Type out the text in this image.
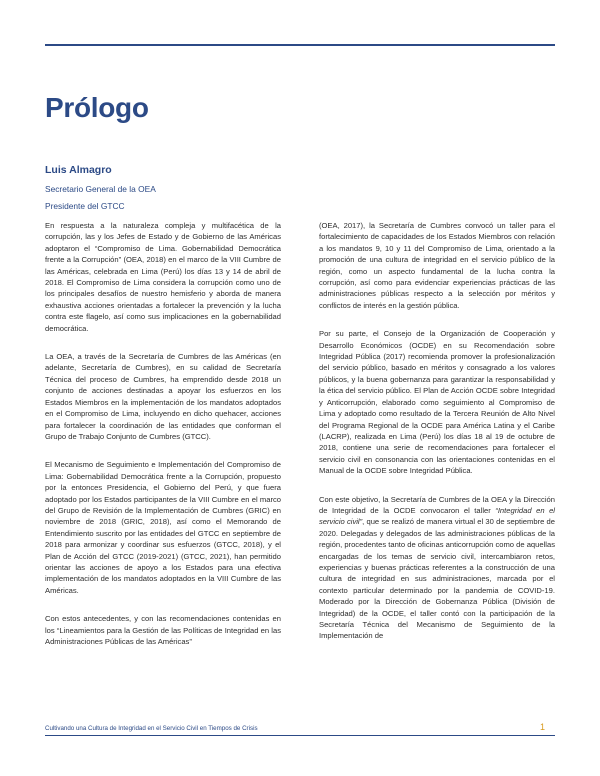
Prólogo

Luis Almagro

Secretario General de la OEA

Presidente del GTCC

En respuesta a la naturaleza compleja y multifacética de la corrupción, las y los Jefes de Estado y de Gobierno de las Américas adoptaron el “Compromiso de Lima. Gobernabilidad Democrática frente a la Corrupción” (OEA, 2018) en el marco de la VIII Cumbre de las Américas, celebrada en Lima (Perú) los días 13 y 14 de abril de 2018. El Compromiso de Lima considera la corrupción como uno de los principales desafíos de nuestro hemisferio y aborda de manera exhaustiva acciones orientadas a fortalecer la prevención y la lucha contra este flagelo, así como sus implicaciones en la gobernabilidad democrática.

La OEA, a través de la Secretaría de Cumbres de las Américas (en adelante, Secretaría de Cumbres), en su calidad de Secretaría Técnica del proceso de Cumbres, ha emprendido desde 2018 un conjunto de acciones destinadas a apoyar los esfuerzos en los Estados Miembros en la implementación de los mandatos adoptados en el Compromiso de Lima, incluyendo en dicho quehacer, acciones para fortalecer la coordinación de las entidades que conforman el Grupo de Trabajo Conjunto de Cumbres (GTCC).

El Mecanismo de Seguimiento e Implementación del Compromiso de Lima: Gobernabilidad Democrática frente a la Corrupción, propuesto por la entonces Presidencia, el Gobierno del Perú, y que fuera adoptado por los Estados participantes de la VIII Cumbre en el marco del Grupo de Revisión de la Implementación de Cumbres (GRIC) en noviembre de 2018 (GRIC, 2018), así como el Memorando de Entendimiento suscrito por las entidades del GTCC en septiembre de 2018 para armonizar y coordinar sus esfuerzos (GTCC, 2018), y el Plan de Acción del GTCC (2019-2021) (GTCC, 2021), han permitido orientar las acciones de apoyo a los Estados para una efectiva implementación de los mandatos adoptados en la VIII Cumbre de las Américas.

Con estos antecedentes, y con las recomendaciones contenidas en los “Lineamientos para la Gestión de las Políticas de Integridad en las Administraciones Públicas de las Américas”

(OEA, 2017), la Secretaría de Cumbres convocó un taller para el fortalecimiento de capacidades de los Estados Miembros con relación a los mandatos 9, 10 y 11 del Compromiso de Lima, orientado a la promoción de una cultura de integridad en el servicio público de la región, como un aspecto fundamental de la lucha contra la corrupción, así como para evidenciar experiencias prácticas de las administraciones públicas respecto a la selección por méritos y conflictos de interés en la gestión pública.

Por su parte, el Consejo de la Organización de Cooperación y Desarrollo Económicos (OCDE) en su Recomendación sobre Integridad Pública (2017) recomienda promover la profesionalización del servicio público, basado en méritos y consagrado a los valores públicos, y la buena gobernanza para garantizar la responsabilidad y la ética del servicio público. El Plan de Acción OCDE sobre Integridad y Anticorrupción, elaborado como seguimiento al Compromiso de Lima y adoptado como resultado de la Tercera Reunión de Alto Nivel del Programa Regional de la OCDE para América Latina y el Caribe (LACRP), realizada en Lima (Perú) los días 18 al 19 de octubre de 2018, contiene una serie de recomendaciones para fortalecer el servicio civil en consonancia con las orientaciones contenidas en el Manual de la OCDE sobre Integridad Pública.

Con este objetivo, la Secretaría de Cumbres de la OEA y la Dirección de Integridad de la OCDE convocaron el taller “Integridad en el servicio civil”, que se realizó de manera virtual el 30 de septiembre de 2020. Delegadas y delegados de las administraciones públicas de la región, procedentes tanto de oficinas anticorrupción como de aquellas encargadas de los temas de servicio civil, intercambiaron retos, experiencias y buenas prácticas referentes a la construcción de una cultura de integridad en sus administraciones, marcada por el contexto particular determinado por la pandemia de COVID-19. Moderado por la Dirección de Gobernanza Pública (División de Integridad) de la OCDE, el taller contó con la participación de la Secretaría Técnica del Mecanismo de Seguimiento de la Implementación de

Cultivando una Cultura de Integridad en el Servicio Civil en Tiempos de Crisis	1
